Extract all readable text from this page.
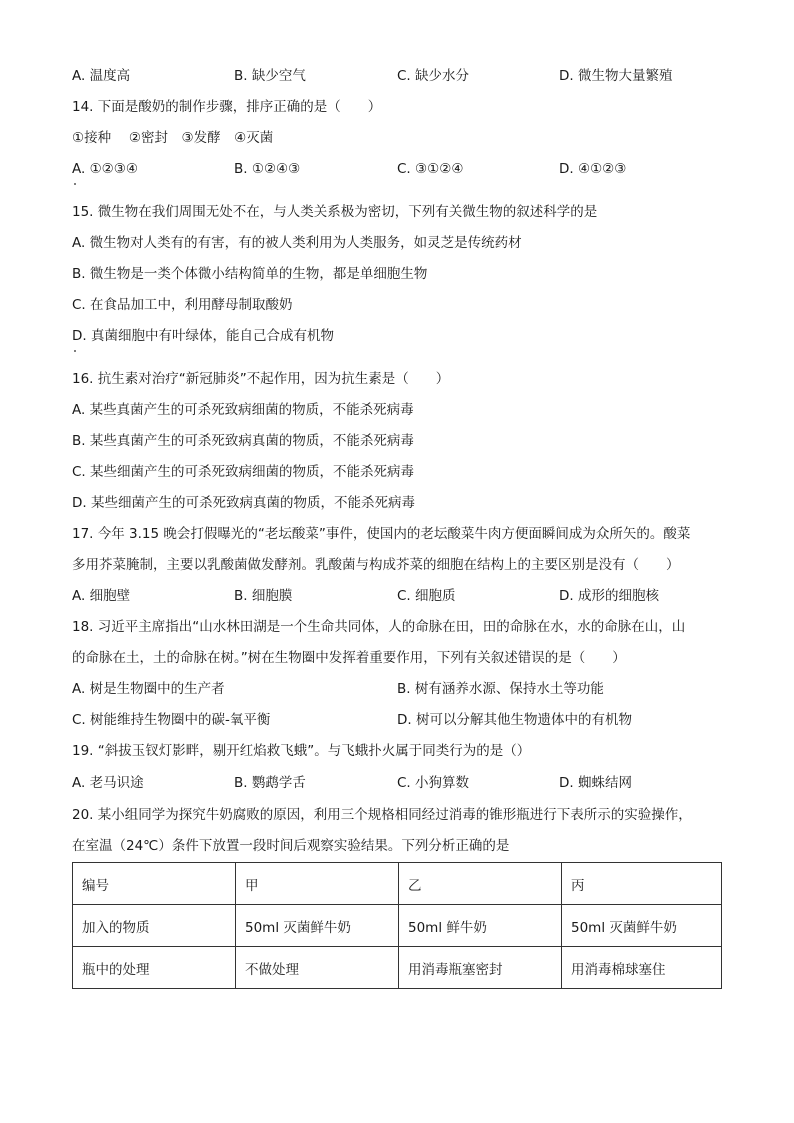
A. 温度高	B. 缺少空气	C. 缺少水分	D. 微生物大量繁殖
14. 下面是酸奶的制作步骤，排序正确的是（　　）
①接种　 ②密封　③发酵　④灭菌
A. ①②③④	B. ①②④③	C. ③①②④	D. ④①②③
15. 微生物在我们周围无处不在，与人类关系极为密切，下列有关微生物的叙述科学的是
A. 微生物对人类有的有害，有的被人类利用为人类服务，如灵芝是传统药材
B. 微生物是一类个体微小结构简单的生物，都是单细胞生物
C. 在食品加工中，利用酵母制取酸奶
D. 真菌细胞中有叶绿体，能自己合成有机物
16. 抗生素对治疗“新冠肺炎”不起作用，因为抗生素是（　　）
A. 某些真菌产生的可杀死致病细菌的物质，不能杀死病毒
B. 某些真菌产生的可杀死致病真菌的物质，不能杀死病毒
C. 某些细菌产生的可杀死致病细菌的物质，不能杀死病毒
D. 某些细菌产生的可杀死致病真菌的物质，不能杀死病毒
17. 今年 3.15 晚会打假曝光的“老坛酸菜”事件，使国内的老坛酸菜牛肉方便面瞬间成为众所矢的。酸菜
多用芥菜腌制，主要以乳酸菌做发酵剂。乳酸菌与构成芥菜的细胞在结构上的主要区别是没有（　　）
A. 细胞壁	B. 细胞膜	C. 细胞质	D. 成形的细胞核
18. 习近平主席指出“山水林田湖是一个生命共同体，人的命脉在田，田的命脉在水，水的命脉在山，山
的命脉在土，土的命脉在树。”树在生物圈中发挥着重要作用，下列有关叙述错误的是（　　）
A. 树是生物圈中的生产者	B. 树有涵养水源、保持水土等功能
C. 树能维持生物圈中的碳-氧平衡	D. 树可以分解其他生物遗体中的有机物
19. “斜拔玉钗灯影畔，剔开红焰救飞蛾”。与飞蛾扑火属于同类行为的是（）
A. 老马识途	B. 鹦鹉学舌	C. 小狗算数	D. 蜘蛛结网
20. 某小组同学为探究牛奶腐败的原因，利用三个规格相同经过消毒的锥形瓶进行下表所示的实验操作，
在室温（24℃）条件下放置一段时间后观察实验结果。下列分析正确的是
编号	甲	乙	丙
加入的物质	50ml 灭菌鲜牛奶	50ml 鲜牛奶	50ml 灭菌鲜牛奶
瓶中的处理	不做处理	用消毒瓶塞密封	用消毒棉球塞住
